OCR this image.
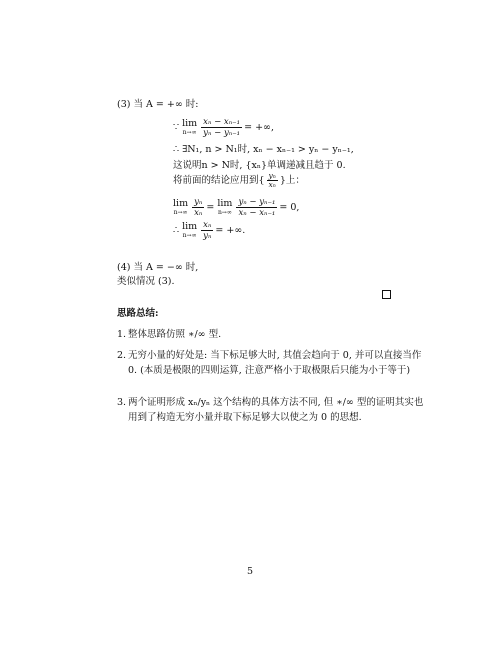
(3) 当 A = +∞ 时:
∵
lim
$n\to\infty \frac{\text{xₙ − xₙ₋₁}}{\text{yₙ − yₙ₋₁}}$ = +∞,
∴ ∃N₁, n > N₁时, xₙ − xₙ₋₁ > yₙ − yₙ₋₁,
这说明n > N时, {xₙ}单调递减且趋于 0.
将前面的结论应用到{ $\frac{\text{yₙ}}{\text{xₙ}}$ }上：
lim
$n\to\infty \frac{\text{yₙ}}{\text{xₙ}}$ =
lim
$n\to\infty \frac{\text{yₙ − yₙ₋₁}}{\text{xₙ − xₙ₋₁}} = 0$,
∴
lim
$n\to\infty \frac{\text{xₙ}}{\text{yₙ}}$ = +∞.
(4) 当 A = −∞ 时,
类似情况 (3).
思路总结:
1. 整体思路仿照 ∗/∞ 型.
2. 无穷小量的好处是: 当下标足够大时, 其值会趋向于 0, 并可以直接当作 0. (本质是极限的四则运算, 注意严格小于取极限后只能为小于等于)
3. 两个证明形成 xₙ/yₙ 这个结构的具体方法不同, 但 ∗/∞ 型的证明其实也用到了构造无穷小量并取下标足够大以使之为 0 的思想.
5
